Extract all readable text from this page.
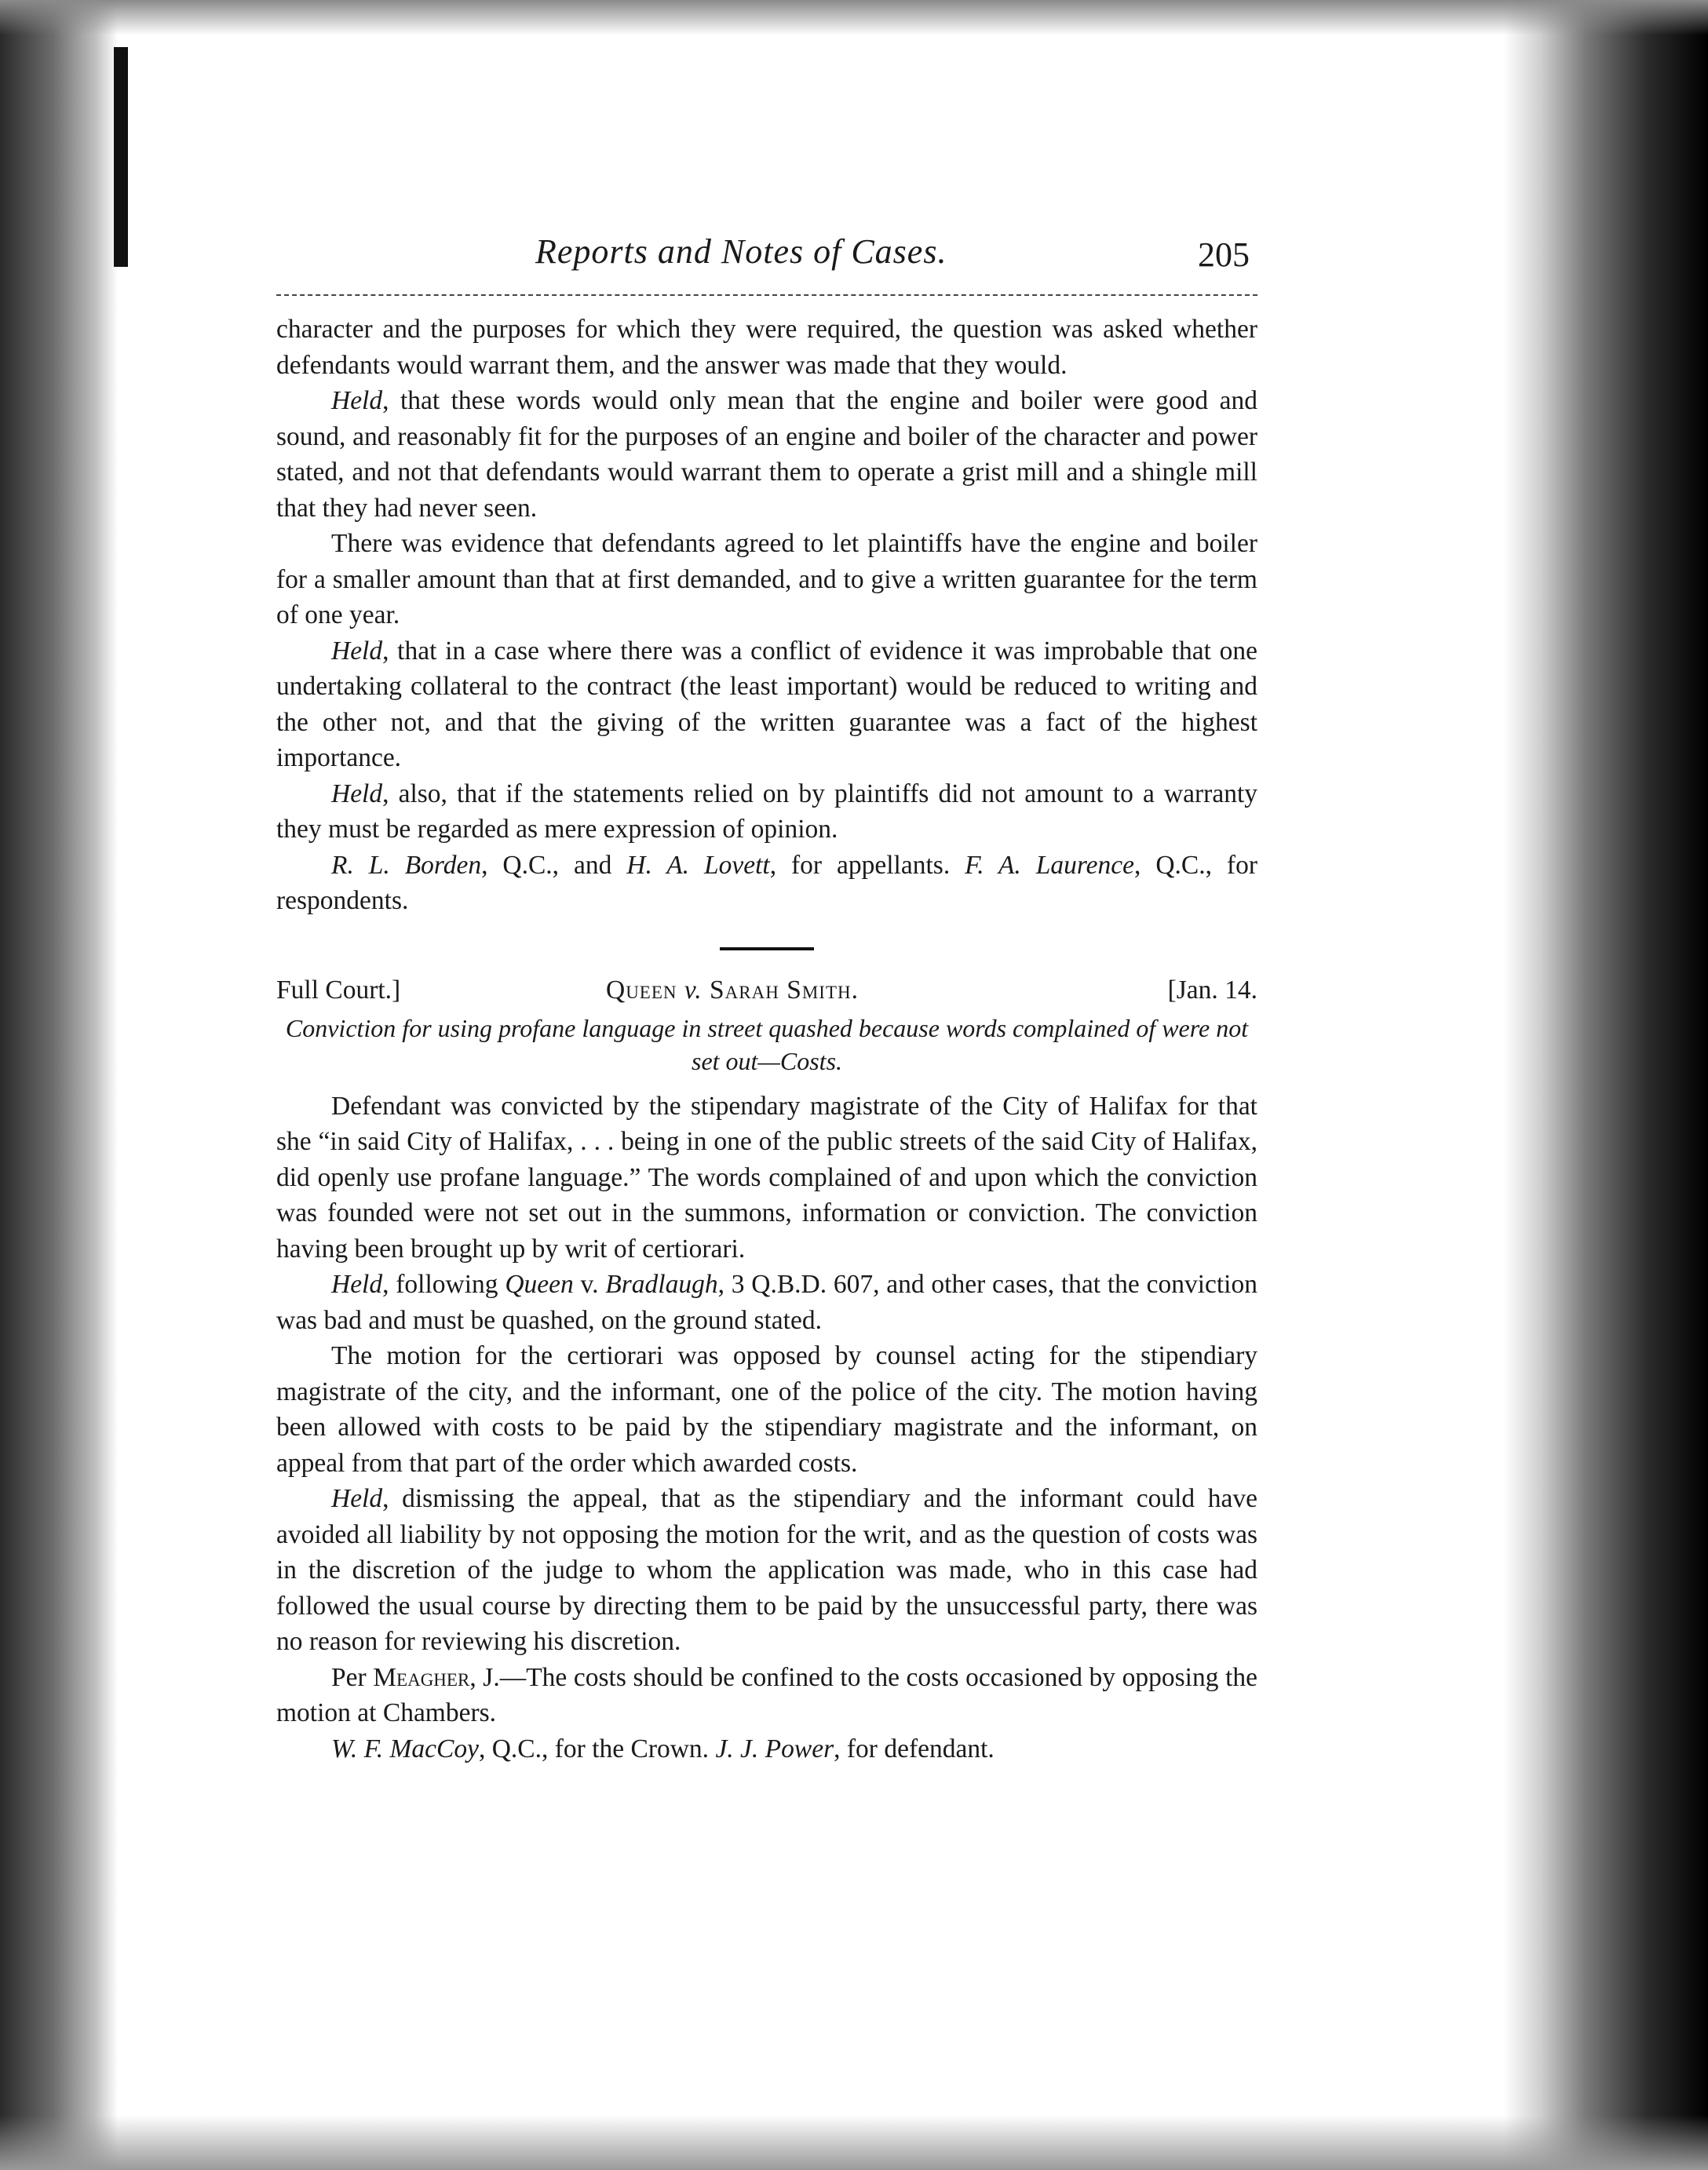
Reports and Notes of Cases.	205

character and the purposes for which they were required, the question was asked whether defendants would warrant them, and the answer was made that they would.

Held, that these words would only mean that the engine and boiler were good and sound, and reasonably fit for the purposes of an engine and boiler of the character and power stated, and not that defendants would warrant them to operate a grist mill and a shingle mill that they had never seen.

There was evidence that defendants agreed to let plaintiffs have the engine and boiler for a smaller amount than that at first demanded, and to give a written guarantee for the term of one year.

Held, that in a case where there was a conflict of evidence it was improbable that one undertaking collateral to the contract (the least important) would be reduced to writing and the other not, and that the giving of the written guarantee was a fact of the highest importance.

Held, also, that if the statements relied on by plaintiffs did not amount to a warranty they must be regarded as mere expression of opinion.

R. L. Borden, Q.C., and H. A. Lovett, for appellants. F. A. Laurence, Q.C., for respondents.

Full Court.]	Queen v. Sarah Smith.	[Jan. 14.
Conviction for using profane language in street quashed because words complained of were not set out—Costs.

Defendant was convicted by the stipendary magistrate of the City of Halifax for that she “in said City of Halifax, . . . being in one of the public streets of the said City of Halifax, did openly use profane language.” The words complained of and upon which the conviction was founded were not set out in the summons, information or conviction. The conviction having been brought up by writ of certiorari.

Held, following Queen v. Bradlaugh, 3 Q.B.D. 607, and other cases, that the conviction was bad and must be quashed, on the ground stated.

The motion for the certiorari was opposed by counsel acting for the stipendiary magistrate of the city, and the informant, one of the police of the city. The motion having been allowed with costs to be paid by the stipendiary magistrate and the informant, on appeal from that part of the order which awarded costs.

Held, dismissing the appeal, that as the stipendiary and the informant could have avoided all liability by not opposing the motion for the writ, and as the question of costs was in the discretion of the judge to whom the application was made, who in this case had followed the usual course by directing them to be paid by the unsuccessful party, there was no reason for reviewing his discretion.

Per Meagher, J.—The costs should be confined to the costs occasioned by opposing the motion at Chambers.

W. F. MacCoy, Q.C., for the Crown. J. J. Power, for defendant.
